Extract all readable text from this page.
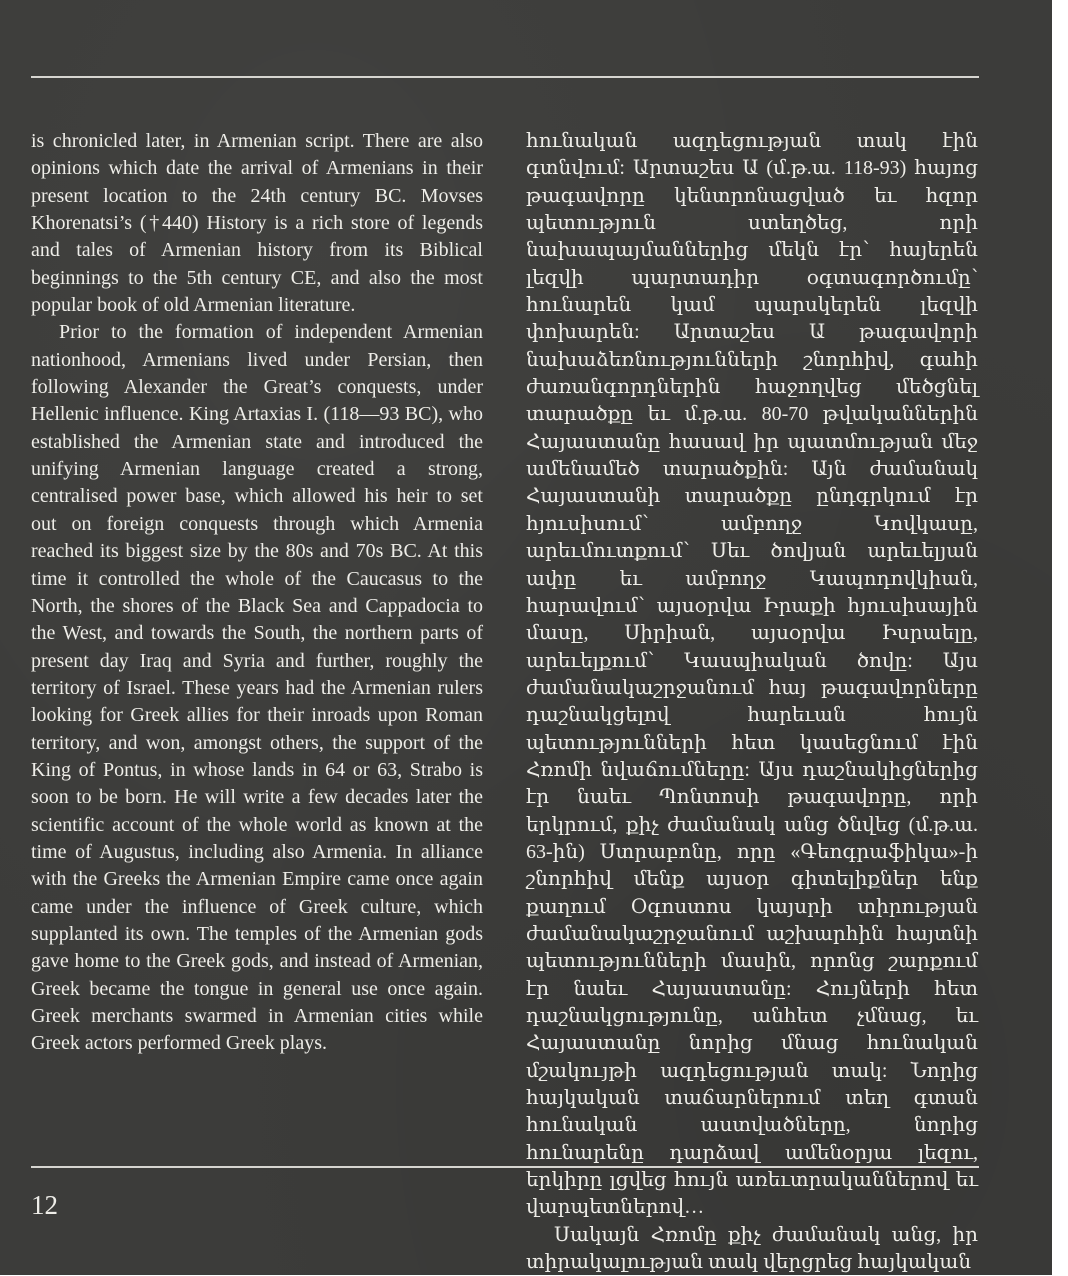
is chronicled later, in Armenian script. There are also opinions which date the arrival of Armenians in their present location to the 24th century BC. Movses Khorenatsi’s (†440) History is a rich store of legends and tales of Armenian history from its Biblical beginnings to the 5th century CE, and also the most popular book of old Armenian literature.

Prior to the formation of independent Armenian nationhood, Armenians lived under Persian, then following Alexander the Great’s conquests, under Hellenic influence. King Artaxias I. (118—93 BC), who established the Armenian state and introduced the unifying Armenian language created a strong, centralised power base, which allowed his heir to set out on foreign conquests through which Armenia reached its biggest size by the 80s and 70s BC. At this time it controlled the whole of the Caucasus to the North, the shores of the Black Sea and Cappadocia to the West, and towards the South, the northern parts of present day Iraq and Syria and further, roughly the territory of Israel. These years had the Armenian rulers looking for Greek allies for their inroads upon Roman territory, and won, amongst others, the support of the King of Pontus, in whose lands in 64 or 63, Strabo is soon to be born. He will write a few decades later the scientific account of the whole world as known at the time of Augustus, including also Armenia. In alliance with the Greeks the Armenian Empire came once again came under the influence of Greek culture, which supplanted its own. The temples of the Armenian gods gave home to the Greek gods, and instead of Armenian, Greek became the tongue in general use once again. Greek merchants swarmed in Armenian cities while Greek actors performed Greek plays.

հունական ազդեցության տակ էին գտնվում: Արտաշես Ա (մ.թ.ա. 118-93) հայոց թագավորը կենտրոնացված եւ հզոր պետություն ստեղծեց, որի նախապայմաններից մեկն էր՝ հայերեն լեզվի պարտադիր օգտագործումը՝ հունարեն կամ պարսկերեն լեզվի փոխարեն: Արտաշես Ա թագավորի նախաձեռնությունների շնորհիվ, գահի ժառանգորդներին հաջողվեց մեծցնել տարածքը եւ մ.թ.ա. 80-70 թվականներին Հայաստանը հասավ իր պատմության մեջ ամենամեծ տարածքին: Այն ժամանակ Հայաստանի տարածքը ընդգրկում էր հյուսիսում՝ ամբողջ Կովկասը, արեւմուտքում՝ Սեւ ծովյան արեւելյան ափը եւ ամբողջ Կապոդովկիան, հարավում՝ այսօրվա Իրաքի հյուսիսային մասը, Սիրիան, այսօրվա Իսրաելը, արեւելքում՝ Կասպիական ծովը: Այս ժամանակաշրջանում հայ թագավորները դաշնակցելով հարեւան հույն պետությունների հետ կասեցնում էին Հռոմի նվաճումները: Այս դաշնակիցներից էր նաեւ Պոնտոսի թագավորը, որի երկրում, քիչ ժամանակ անց ծնվեց (մ.թ.ա. 63-ին) Ստրաբոնը, որը «Գեոգրաֆիկա»-ի շնորհիվ մենք այսօր գիտելիքներ ենք քաղում Օգոստոս կայսրի տիրության ժամանակաշրջանում աշխարհին հայտնի պետությունների մասին, որոնց շարքում էր նաեւ Հայաստանը: Հույների հետ դաշնակցությունը, անհետ չմնաց, եւ Հայաստանը նորից մնաց հունական մշակույթի ազդեցության տակ: Նորից հայկական տաճարներում տեղ գտան հունական աստվածները, նորից հունարենը դարձավ ամենօրյա լեզու, երկիրը լցվեց հույն առեւտրականներով եւ վարպետներով…

Սակայն Հռոմը քիչ ժամանակ անց, իր տիրակալության տակ վերցրեց հայկական

12
